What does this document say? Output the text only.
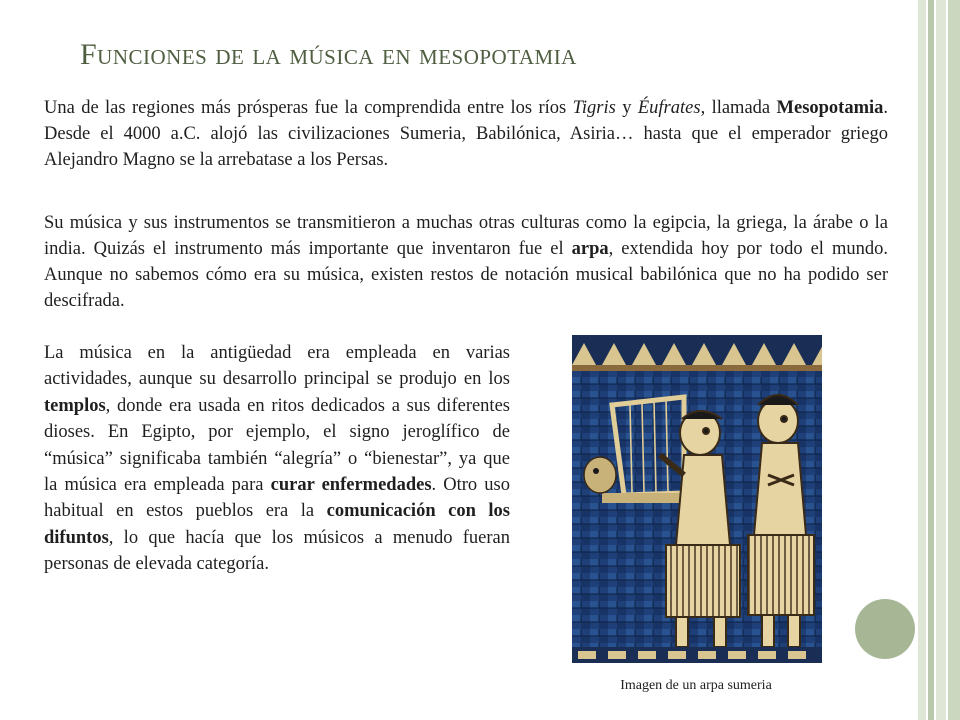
Funciones de la música en mesopotamia

Una de las regiones más prósperas fue la comprendida entre los ríos Tigris y Éufrates, llamada Mesopotamia. Desde el 4000 a.C. alojó las civilizaciones Sumeria, Babilónica, Asiria… hasta que el emperador griego Alejandro Magno se la arrebatase a los Persas.

Su música y sus instrumentos se transmitieron a muchas otras culturas como la egipcia, la griega, la árabe o la india. Quizás el instrumento más importante que inventaron fue el arpa, extendida hoy por todo el mundo. Aunque no sabemos cómo era su música, existen restos de notación musical babilónica que no ha podido ser descifrada.

La música en la antigüedad era empleada en varias actividades, aunque su desarrollo principal se produjo en los templos, donde era usada en ritos dedicados a sus diferentes dioses. En Egipto, por ejemplo, el signo jeroglífico de “música” significaba también “alegría” o “bienestar”, ya que la música era empleada para curar enfermedades. Otro uso habitual en estos pueblos era la comunicación con los difuntos, lo que hacía que los músicos a menudo fueran personas de elevada categoría.

Imagen de un arpa sumeria
